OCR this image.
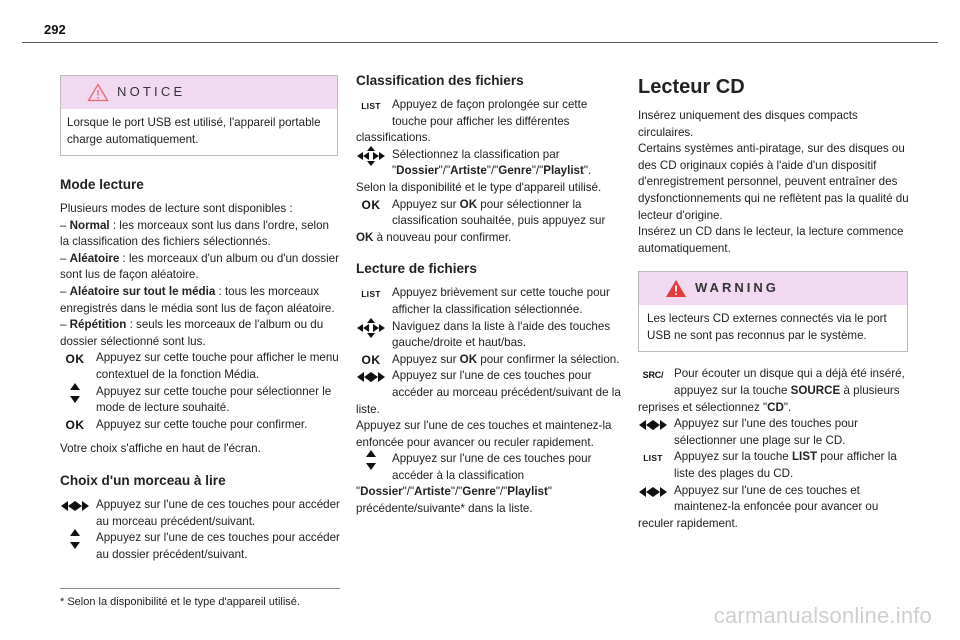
292
NOTICE
Lorsque le port USB est utilisé, l'appareil portable charge automatiquement.
Mode lecture

Plusieurs modes de lecture sont disponibles :

– Normal : les morceaux sont lus dans l'ordre, selon la classification des fichiers sélectionnés.

– Aléatoire : les morceaux d'un album ou d'un dossier sont lus de façon aléatoire.

– Aléatoire sur tout le média : tous les morceaux enregistrés dans le média sont lus de façon aléatoire.

– Répétition : seuls les morceaux de l'album ou du dossier sélectionné sont lus.

OK Appuyez sur cette touche pour afficher le menu contextuel de la fonction Média.
Appuyez sur cette touche pour sélectionner le mode de lecture souhaité.
OK Appuyez sur cette touche pour confirmer.

Votre choix s'affiche en haut de l'écran.

Choix d'un morceau à lire
Appuyez sur l'une de ces touches pour accéder au morceau précédent/suivant.
Appuyez sur l'une de ces touches pour accéder au dossier précédent/suivant.
* Selon la disponibilité et le type d'appareil utilisé.
Classification des fichiers
LIST Appuyez de façon prolongée sur cette touche pour afficher les différentes classifications.
Sélectionnez la classification par "Dossier"/"Artiste"/"Genre"/"Playlist".

Selon la disponibilité et le type d'appareil utilisé.

OK Appuyez sur OK pour sélectionner la classification souhaitée, puis appuyez sur OK à nouveau pour confirmer.
Lecture de fichiers
LIST Appuyez brièvement sur cette touche pour afficher la classification sélectionnée.
Naviguez dans la liste à l'aide des touches gauche/droite et haut/bas.
OK Appuyez sur OK pour confirmer la sélection.
Appuyez sur l'une de ces touches pour accéder au morceau précédent/suivant de la liste.

Appuyez sur l'une de ces touches et maintenez-la enfoncée pour avancer ou reculer rapidement.

Appuyez sur l'une de ces touches pour accéder à la classification

"Dossier"/"Artiste"/"Genre"/"Playlist"

précédente/suivante* dans la liste.

Lecteur CD

Insérez uniquement des disques compacts circulaires.

Certains systèmes anti-piratage, sur des disques ou des CD originaux copiés à l'aide d'un dispositif d'enregistrement personnel, peuvent entraîner des dysfonctionnements qui ne reflètent pas la qualité du lecteur d'origine.

Insérez un CD dans le lecteur, la lecture commence automatiquement.

WARNING
Les lecteurs CD externes connectés via le port USB ne sont pas reconnus par le système.
SRC/ Pour écouter un disque qui a déjà été inséré, appuyez sur la touche SOURCE à plusieurs reprises et sélectionnez "CD".
Appuyez sur l'une des touches pour sélectionner une plage sur le CD.
LIST Appuyez sur la touche LIST pour afficher la liste des plages du CD.
Appuyez sur l'une de ces touches et maintenez-la enfoncée pour avancer ou reculer rapidement.
carmanualsonline.info
